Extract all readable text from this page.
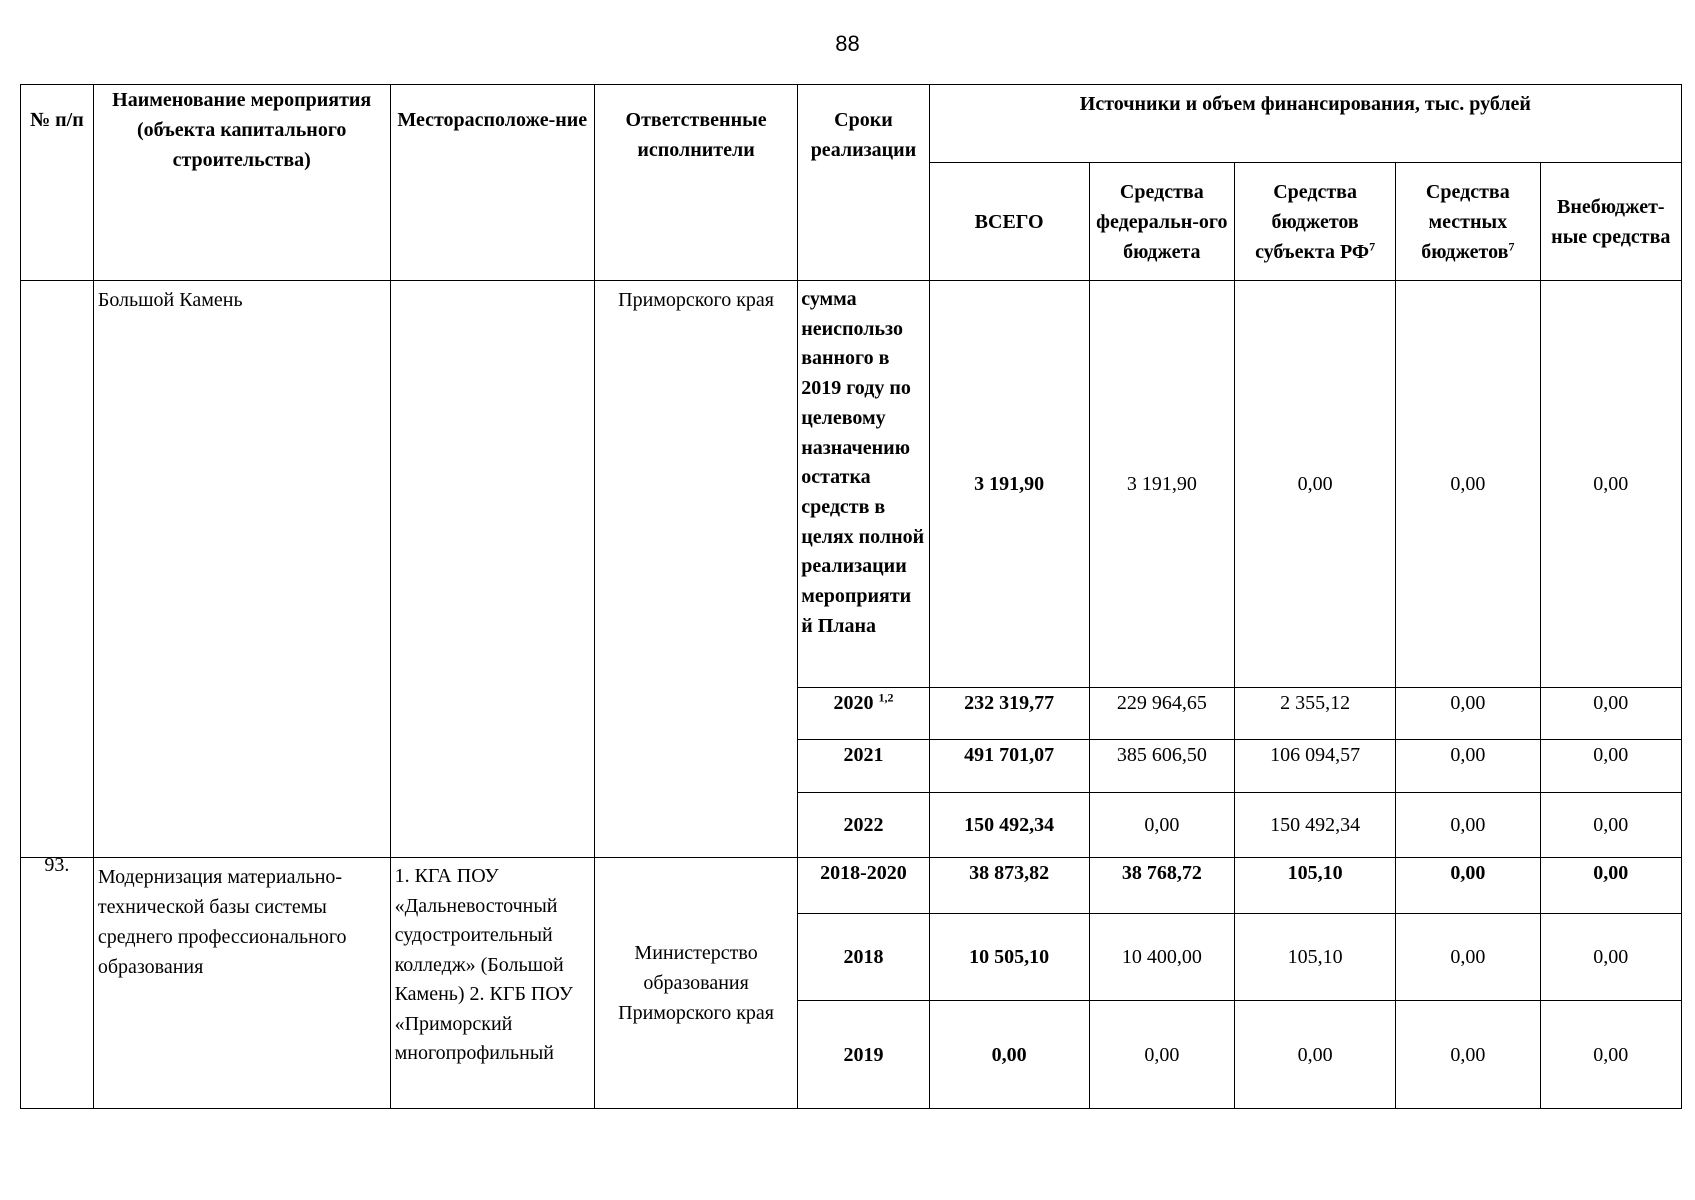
88
№ п/п	Наименование мероприятия (объекта капитального строительства)	Месторасположе-ние	Ответственные исполнители	Сроки реализации	Источники и объем финансирования, тыс. рублей				
					ВСЕГО	Средства федеральн-ого бюджета	Средства бюджетов субъекта $РФ^7$	Средства местных бюджетов$^7$	Внебюджет-ные средства
	Большой Камень		Приморского края	сумма неиспользо ванного в 2019 году по целевому назначению остатка средств в целях полной реализации мероприяти й Плана	3 191,90	3 191,90	0,00	0,00	0,00
				2020 $^{1,2}$	232 319,77	229 964,65	2 355,12	0,00	0,00
				2021	491 701,07	385 606,50	106 094,57	0,00	0,00
				2022	150 492,34	0,00	150 492,34	0,00	0,00
93.	Модернизация материально-технической базы системы среднего профессионального образования	1. КГА ПОУ «Дальневосточный судостроительный колледж» (Большой Камень) 2. КГБ ПОУ «Приморский многопрофильный	Министерство образования Приморского края	2018-2020	38 873,82	38 768,72	105,10	0,00	0,00
				2018	10 505,10	10 400,00	105,10	0,00	0,00
				2019	0,00	0,00	0,00	0,00	0,00
